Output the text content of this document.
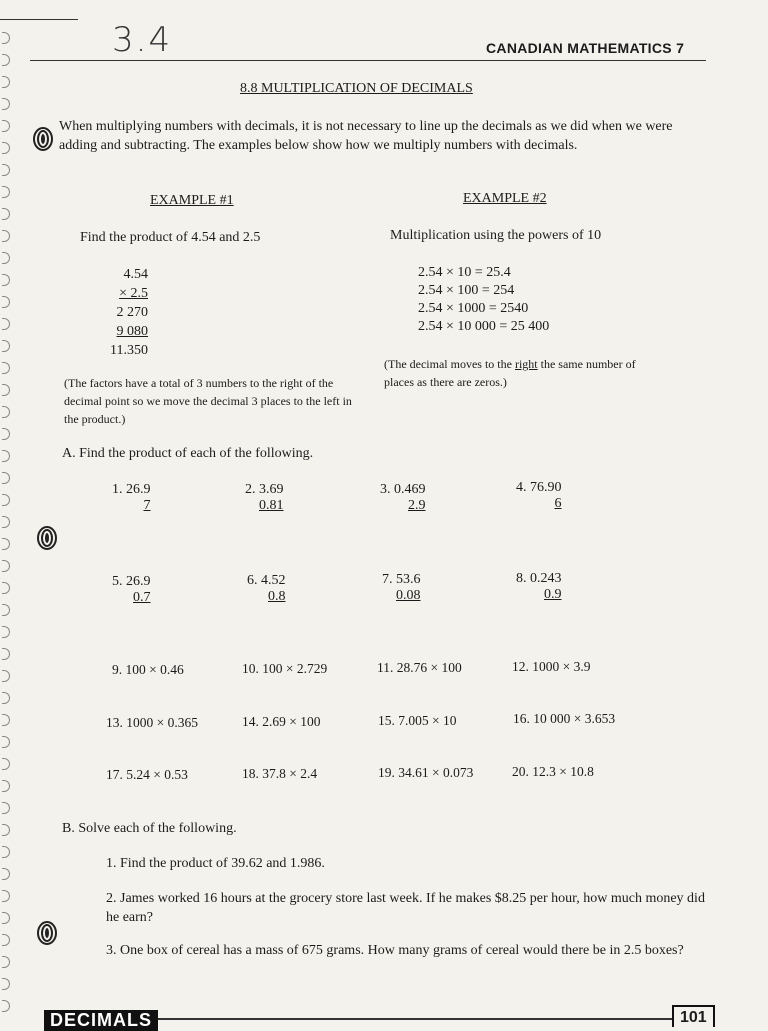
3.4	CANADIAN MATHEMATICS 7
8.8 MULTIPLICATION OF DECIMALS
When multiplying numbers with decimals, it is not necessary to line up the decimals as we did when we were adding and subtracting. The examples below show how we multiply numbers with decimals.
EXAMPLE #1
Find the product of 4.54 and 2.5
4.54
× 2.5
2 270
9 080
11.350
(The factors have a total of 3 numbers to the right of the decimal point so we move the decimal 3 places to the left in the product.)
EXAMPLE #2
Multiplication using the powers of 10
2.54 × 10 = 25.4
2.54 × 100 = 254
2.54 × 1000 = 2540
2.54 × 10 000 = 25 400
(The decimal moves to the right the same number of places as there are zeros.)
A. Find the product of each of the following.
1. 26.9
7
2. 3.69
0.81
3. 0.469
2.9
4. 76.90
6
5. 26.9
0.7
6. 4.52
0.8
7. 53.6
0.08
8. 0.243
0.9
9. 100 × 0.46	10. 100 × 2.729	11. 28.76 × 100	12. 1000 × 3.9
13. 1000 × 0.365	14. 2.69 × 100	15. 7.005 × 10	16. 10 000 × 3.653
17. 5.24 × 0.53	18. 37.8 × 2.4	19. 34.61 × 0.073	20. 12.3 × 10.8
B. Solve each of the following.
1. Find the product of 39.62 and 1.986.
2. James worked 16 hours at the grocery store last week. If he makes $8.25 per hour, how much money did he earn?
3. One box of cereal has a mass of 675 grams. How many grams of cereal would there be in 2.5 boxes?
DECIMALS	101
